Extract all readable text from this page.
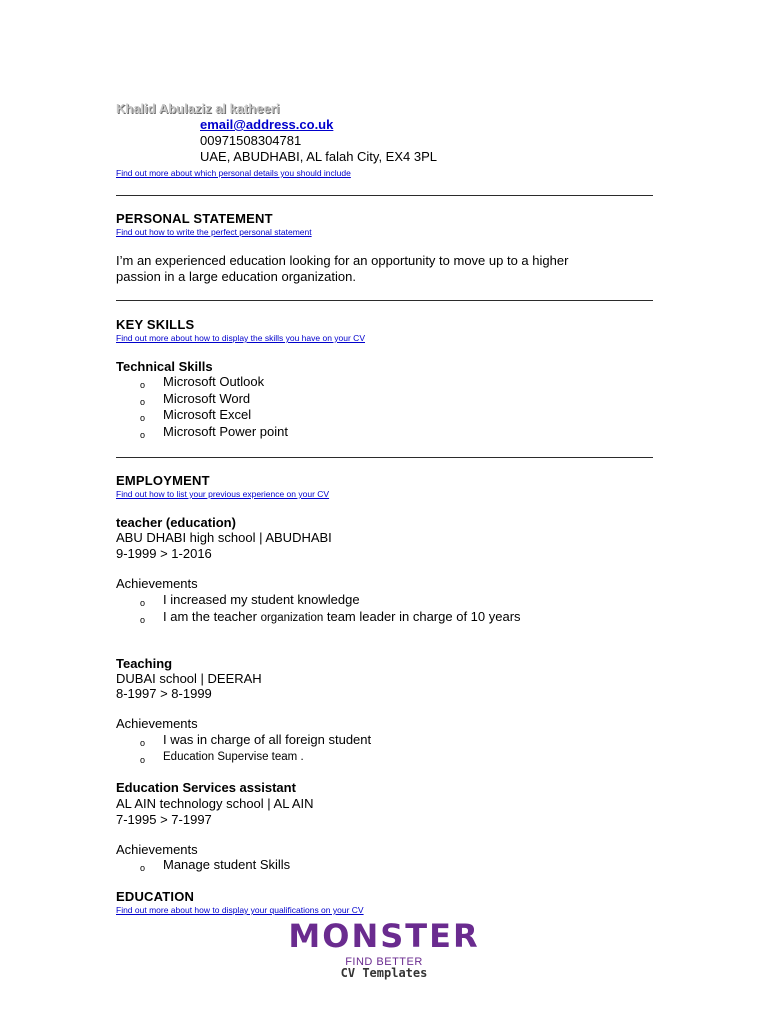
Khalid Abulaziz al katheeri
email@address.co.uk
00971508304781
UAE, ABUDHABI, AL falah City, EX4 3PL
Find out more about which personal details you should include
PERSONAL STATEMENT
Find out how to write the perfect personal statement
I’m an experienced education looking for an opportunity to move up to a higher
passion in a large education organization.
KEY SKILLS
Find out more about how to display the skills you have on your CV
Technical Skills
o Microsoft Outlook
o Microsoft Word
o Microsoft Excel
o Microsoft Power point
EMPLOYMENT
Find out how to list your previous experience on your CV
teacher (education)
ABU DHABI high school | ABUDHABI
9-1999 > 1-2016
Achievements
o I increased my student knowledge
o I am the teacher organization team leader in charge of 10 years
Teaching
DUBAI school | DEERAH
8-1997 > 8-1999
Achievements
o I was in charge of all foreign student
o Education Supervise team .
Education Services assistant
AL AIN technology school | AL AIN
7-1995 > 7-1997
Achievements
o Manage student Skills
EDUCATION
Find out more about how to display your qualifications on your CV
MONSTER
FIND BETTER
CV Templates
